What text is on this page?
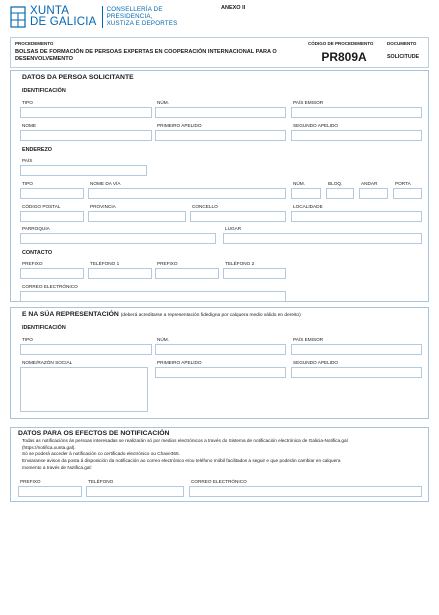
XUNTA
DE GALICIA
CONSELLERÍA DE
PRESIDENCIA,
XUSTIZA E DEPORTES
ANEXO II
PROCEDEMENTO
BOLSAS DE FORMACIÓN DE PERSOAS EXPERTAS EN COOPERACIÓN INTERNACIONAL PARA O DESENVOLVEMENTO
CÓDIGO DE PROCEDEMENTO
PR809A
DOCUMENTO
SOLICITUDE
DATOS DA PERSOA SOLICITANTE
IDENTIFICACIÓN
TIPO	NÚM.	PAÍS EMISOR
NOME	PRIMEIRO APELIDO	SEGUNDO APELIDO
ENDEREZO
PAÍS
TIPO	NOME DA VÍA	NÚM.	BLOQ.	ANDAR	PORTA
CÓDIGO POSTAL	PROVINCIA	CONCELLO	LOCALIDADE
PARROQUIA	LUGAR
CONTACTO
PREFIXO	TELÉFONO 1	PREFIXO	TELÉFONO 2
CORREO ELECTRÓNICO
E NA SÚA REPRESENTACIÓN (deberá acreditarse a representación fidedigna por calquera medio válido en dereito)
IDENTIFICACIÓN
TIPO	NÚM.	PAÍS EMISOR
NOME/RAZÓN SOCIAL	PRIMEIRO APELIDO	SEGUNDO APELIDO
DATOS PARA OS EFECTOS DE NOTIFICACIÓN

Todas as notificacións ás persoas interesadas se realizarán só por medios electrónicos a través do Sistema de notificación electrónica de Galicia-Notifica.gal

(https://notifica.xunta.gal).

Só se poderá acceder á notificación co certificado electrónico ou Chave365.

Enviaranse avisos da posta á disposición da notificación ao correo electrónico e/ou teléfono móbil facilitados a seguir e que poderán cambiar en calquera

momento a través de Notifica.gal:

PREFIXO	TELÉFONO	CORREO ELECTRÓNICO
